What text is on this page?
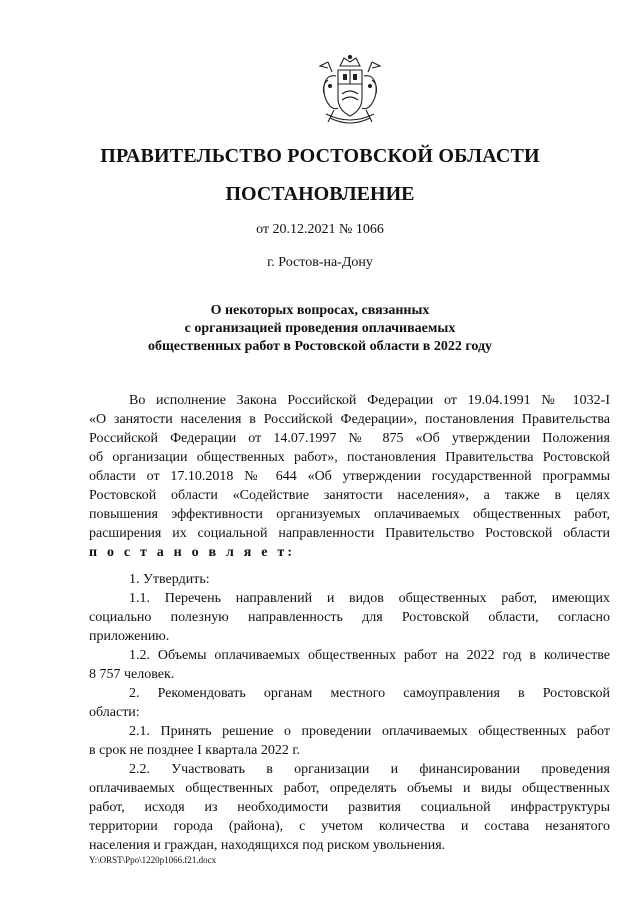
ПРАВИТЕЛЬСТВО РОСТОВСКОЙ ОБЛАСТИ
ПОСТАНОВЛЕНИЕ
от 20.12.2021 № 1066
г. Ростов-на-Дону
О некоторых вопросах, связанных
с организацией проведения оплачиваемых
общественных работ в Ростовской области в 2022 году
Во исполнение Закона Российской Федерации от 19.04.1991 № 1032-I
«О занятости населения в Российской Федерации», постановления Правительства
Российской Федерации от 14.07.1997 № 875 «Об утверждении Положения
об организации общественных работ», постановления Правительства Ростовской
области от 17.10.2018 № 644 «Об утверждении государственной программы
Ростовской области «Содействие занятости населения», а также в целях
повышения эффективности организуемых оплачиваемых общественных работ,
расширения их социальной направленности Правительство Ростовской области
п о с т а н о в л я е т:
1. Утвердить:
1.1. Перечень направлений и видов общественных работ, имеющих
социально полезную направленность для Ростовской области, согласно
приложению.
1.2. Объемы оплачиваемых общественных работ на 2022 год в количестве
8 757 человек.
2. Рекомендовать органам местного самоуправления в Ростовской
области:
2.1. Принять решение о проведении оплачиваемых общественных работ
в срок не позднее I квартала 2022 г.
2.2. Участвовать в организации и финансировании проведения
оплачиваемых общественных работ, определять объемы и виды общественных
работ, исходя из необходимости развития социальной инфраструктуры
территории города (района), с учетом количества и состава незанятого
населения и граждан, находящихся под риском увольнения.
Y:\ORST\Ppo\1220p1066.f21.docx
